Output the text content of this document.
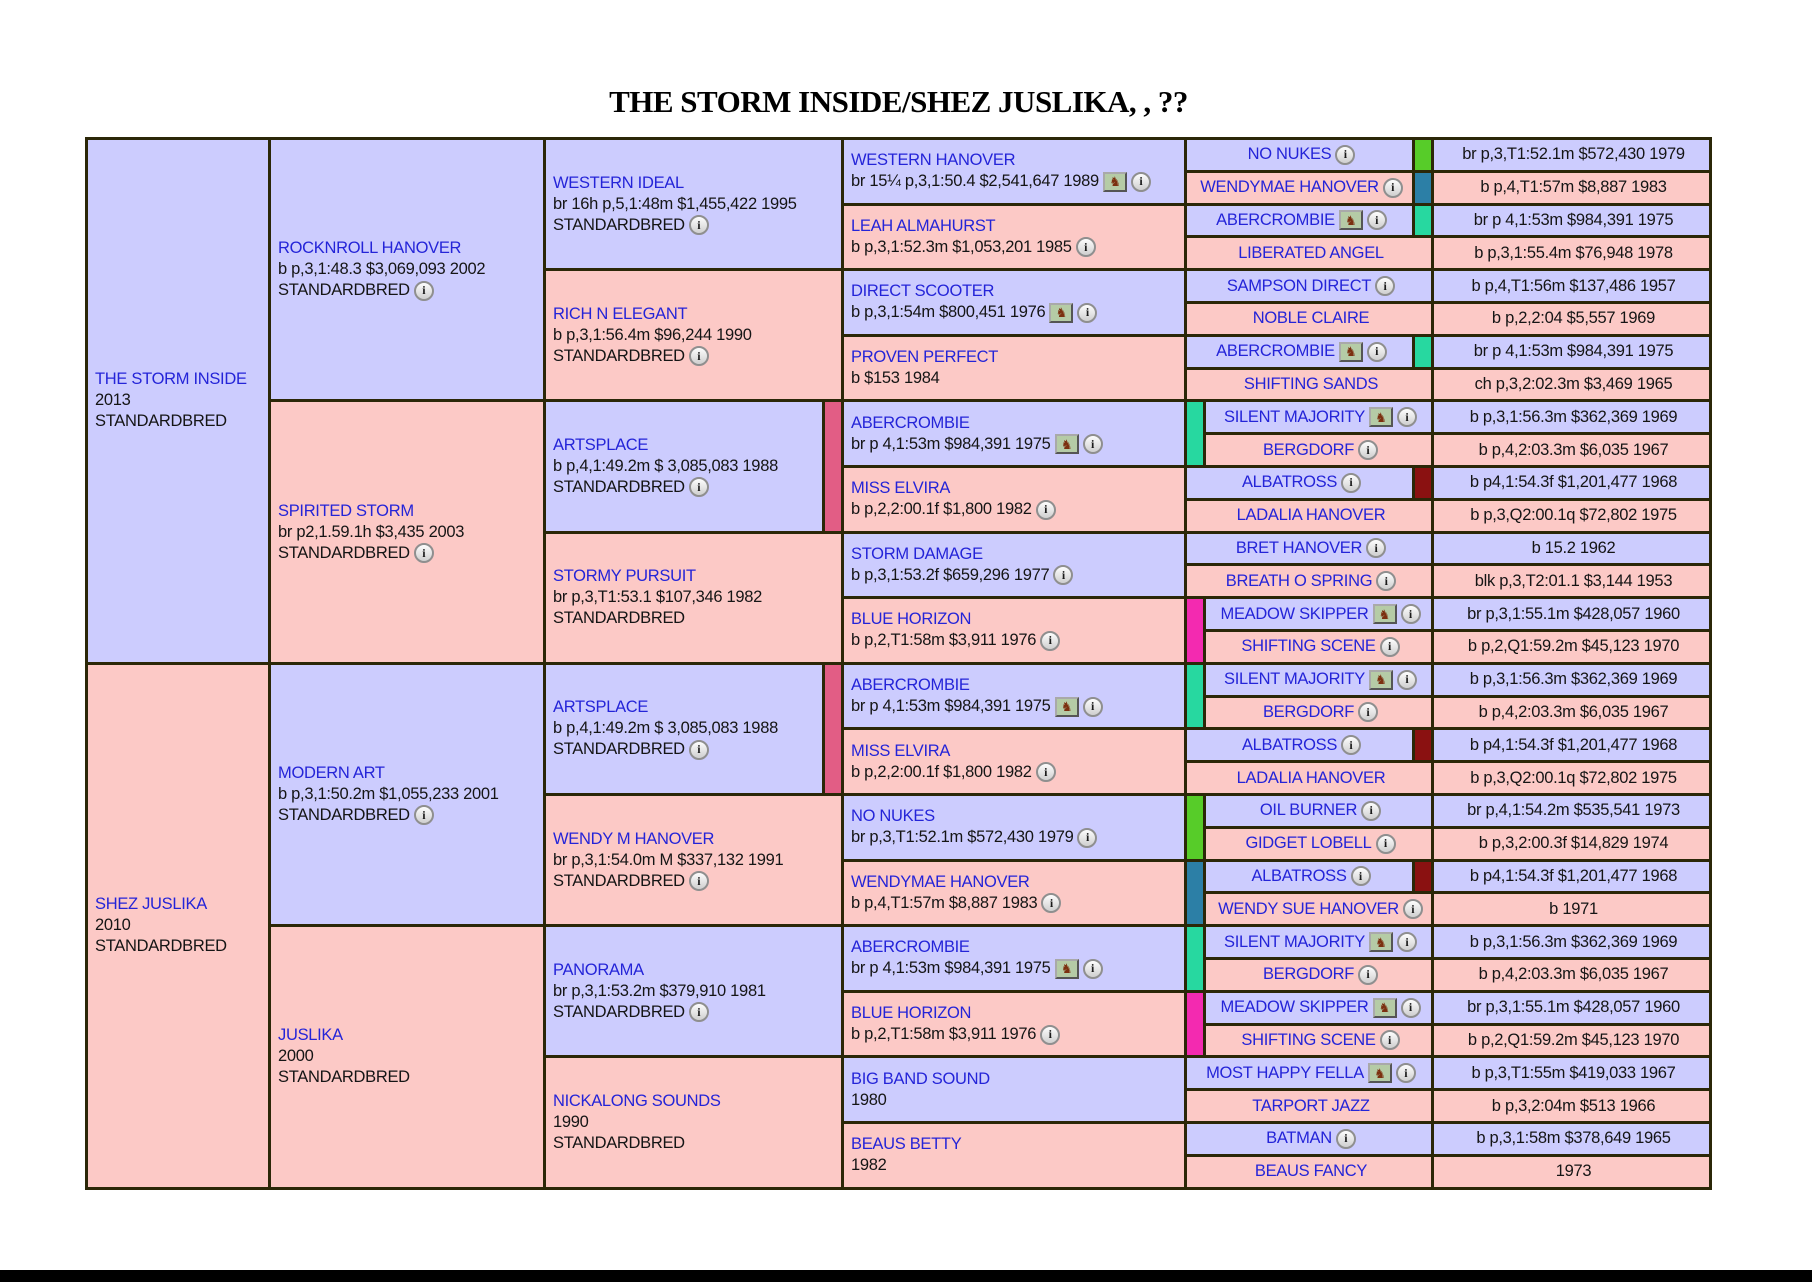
THE STORM INSIDE/SHEZ JUSLIKA, , ??
THE STORM INSIDE
2013
STANDARDBRED
SHEZ JUSLIKA
2010
STANDARDBRED
ROCKNROLL HANOVER
b p,3,1:48.3 $3,069,093 2002
STANDARDBRED	i
SPIRITED STORM
br p2,1.59.1h $3,435 2003
STANDARDBRED	i
MODERN ART
b p,3,1:50.2m $1,055,233 2001
STANDARDBRED	i
JUSLIKA
2000
STANDARDBRED
WESTERN IDEAL
br 16h p,5,1:48m $1,455,422 1995
STANDARDBRED	i
RICH N ELEGANT
b p,3,1:56.4m $96,244 1990
STANDARDBRED	i
ARTSPLACE
b p,4,1:49.2m $ 3,085,083 1988
STANDARDBRED	i
STORMY PURSUIT
br p,3,T1:53.1 $107,346 1982
STANDARDBRED
ARTSPLACE
b p,4,1:49.2m $ 3,085,083 1988
STANDARDBRED	i
WENDY M HANOVER
br p,3,1:54.0m M $337,132 1991
STANDARDBRED	i
PANORAMA
br p,3,1:53.2m $379,910 1981
STANDARDBRED	i
NICKALONG SOUNDS
1990
STANDARDBRED
WESTERN HANOVER
br 15¼ p,3,1:50.4 $2,541,647 1989 ♞	i
LEAH ALMAHURST
b p,3,1:52.3m $1,053,201 1985	i
DIRECT SCOOTER
b p,3,1:54m $800,451 1976 ♞	i
PROVEN PERFECT
b $153 1984
ABERCROMBIE
br p 4,1:53m $984,391 1975 ♞	i
MISS ELVIRA
b p,2,2:00.1f $1,800 1982	i
STORM DAMAGE
b p,3,1:53.2f $659,296 1977	i
BLUE HORIZON
b p,2,T1:58m $3,911 1976	i
ABERCROMBIE
br p 4,1:53m $984,391 1975 ♞	i
MISS ELVIRA
b p,2,2:00.1f $1,800 1982	i
NO NUKES
br p,3,T1:52.1m $572,430 1979	i
WENDYMAE HANOVER
b p,4,T1:57m $8,887 1983	i
ABERCROMBIE
br p 4,1:53m $984,391 1975 ♞	i
BLUE HORIZON
b p,2,T1:58m $3,911 1976	i
BIG BAND SOUND
1980
BEAUS BETTY
1982
NO NUKES	i	br p,3,T1:52.1m $572,430 1979
WENDYMAE HANOVER	i	b p,4,T1:57m $8,887 1983
ABERCROMBIE ♞	i	br p 4,1:53m $984,391 1975
LIBERATED ANGEL	b p,3,1:55.4m $76,948 1978
SAMPSON DIRECT	i	b p,4,T1:56m $137,486 1957
NOBLE CLAIRE	b p,2,2:04 $5,557 1969
ABERCROMBIE ♞	i	br p 4,1:53m $984,391 1975
SHIFTING SANDS	ch p,3,2:02.3m $3,469 1965
SILENT MAJORITY ♞	i	b p,3,1:56.3m $362,369 1969
BERGDORF	i	b p,4,2:03.3m $6,035 1967
ALBATROSS	i	b p4,1:54.3f $1,201,477 1968
LADALIA HANOVER	b p,3,Q2:00.1q $72,802 1975
BRET HANOVER	i	b 15.2 1962
BREATH O SPRING	i	blk p,3,T2:01.1 $3,144 1953
MEADOW SKIPPER ♞	i	br p,3,1:55.1m $428,057 1960
SHIFTING SCENE	i	b p,2,Q1:59.2m $45,123 1970
SILENT MAJORITY ♞	i	b p,3,1:56.3m $362,369 1969
BERGDORF	i	b p,4,2:03.3m $6,035 1967
ALBATROSS	i	b p4,1:54.3f $1,201,477 1968
LADALIA HANOVER	b p,3,Q2:00.1q $72,802 1975
OIL BURNER	i	br p,4,1:54.2m $535,541 1973
GIDGET LOBELL	i	b p,3,2:00.3f $14,829 1974
ALBATROSS	i	b p4,1:54.3f $1,201,477 1968
WENDY SUE HANOVER	i	b 1971
SILENT MAJORITY ♞	i	b p,3,1:56.3m $362,369 1969
BERGDORF	i	b p,4,2:03.3m $6,035 1967
MEADOW SKIPPER ♞	i	br p,3,1:55.1m $428,057 1960
SHIFTING SCENE	i	b p,2,Q1:59.2m $45,123 1970
MOST HAPPY FELLA ♞	i	b p,3,T1:55m $419,033 1967
TARPORT JAZZ	b p,3,2:04m $513 1966
BATMAN	i	b p,3,1:58m $378,649 1965
BEAUS FANCY	1973
